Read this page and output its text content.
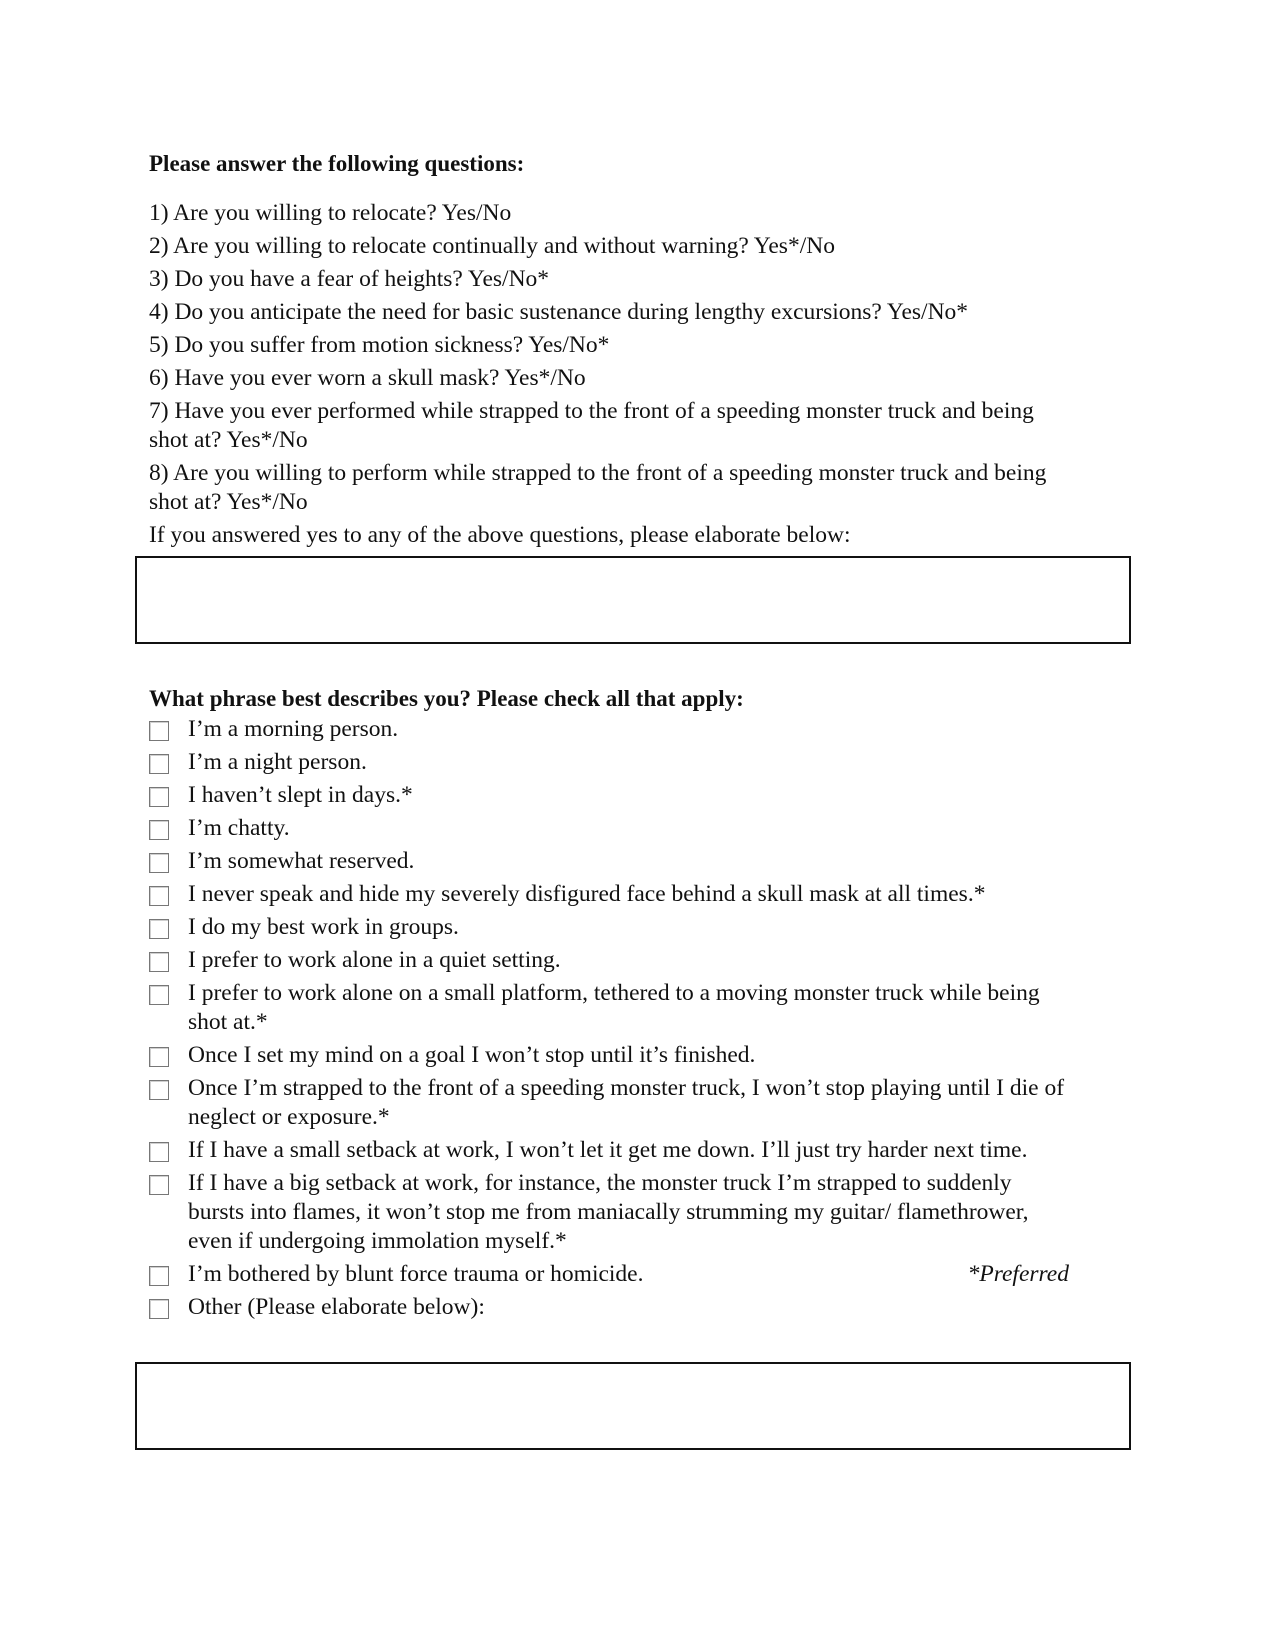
Please answer the following questions:
1) Are you willing to relocate? Yes/No
2) Are you willing to relocate continually and without warning? Yes*/No
3) Do you have a fear of heights? Yes/No*
4) Do you anticipate the need for basic sustenance during lengthy excursions? Yes/No*
5) Do you suffer from motion sickness? Yes/No*
6) Have you ever worn a skull mask? Yes*/No
7) Have you ever performed while strapped to the front of a speeding monster truck and being shot at? Yes*/No
8) Are you willing to perform while strapped to the front of a speeding monster truck and being shot at? Yes*/No
If you answered yes to any of the above questions, please elaborate below:
What phrase best describes you? Please check all that apply:
I’m a morning person.
I’m a night person.
I haven’t slept in days.*
I’m chatty.
I’m somewhat reserved.
I never speak and hide my severely disfigured face behind a skull mask at all times.*
I do my best work in groups.
I prefer to work alone in a quiet setting.
I prefer to work alone on a small platform, tethered to a moving monster truck while being shot at.*
Once I set my mind on a goal I won’t stop until it’s finished.
Once I’m strapped to the front of a speeding monster truck, I won’t stop playing until I die of neglect or exposure.*
If I have a small setback at work, I won’t let it get me down. I’ll just try harder next time.
If I have a big setback at work, for instance, the monster truck I’m strapped to suddenly bursts into flames, it won’t stop me from maniacally strumming my guitar/ flamethrower, even if undergoing immolation myself.*
I’m bothered by blunt force trauma or homicide.	*Preferred
Other (Please elaborate below):
